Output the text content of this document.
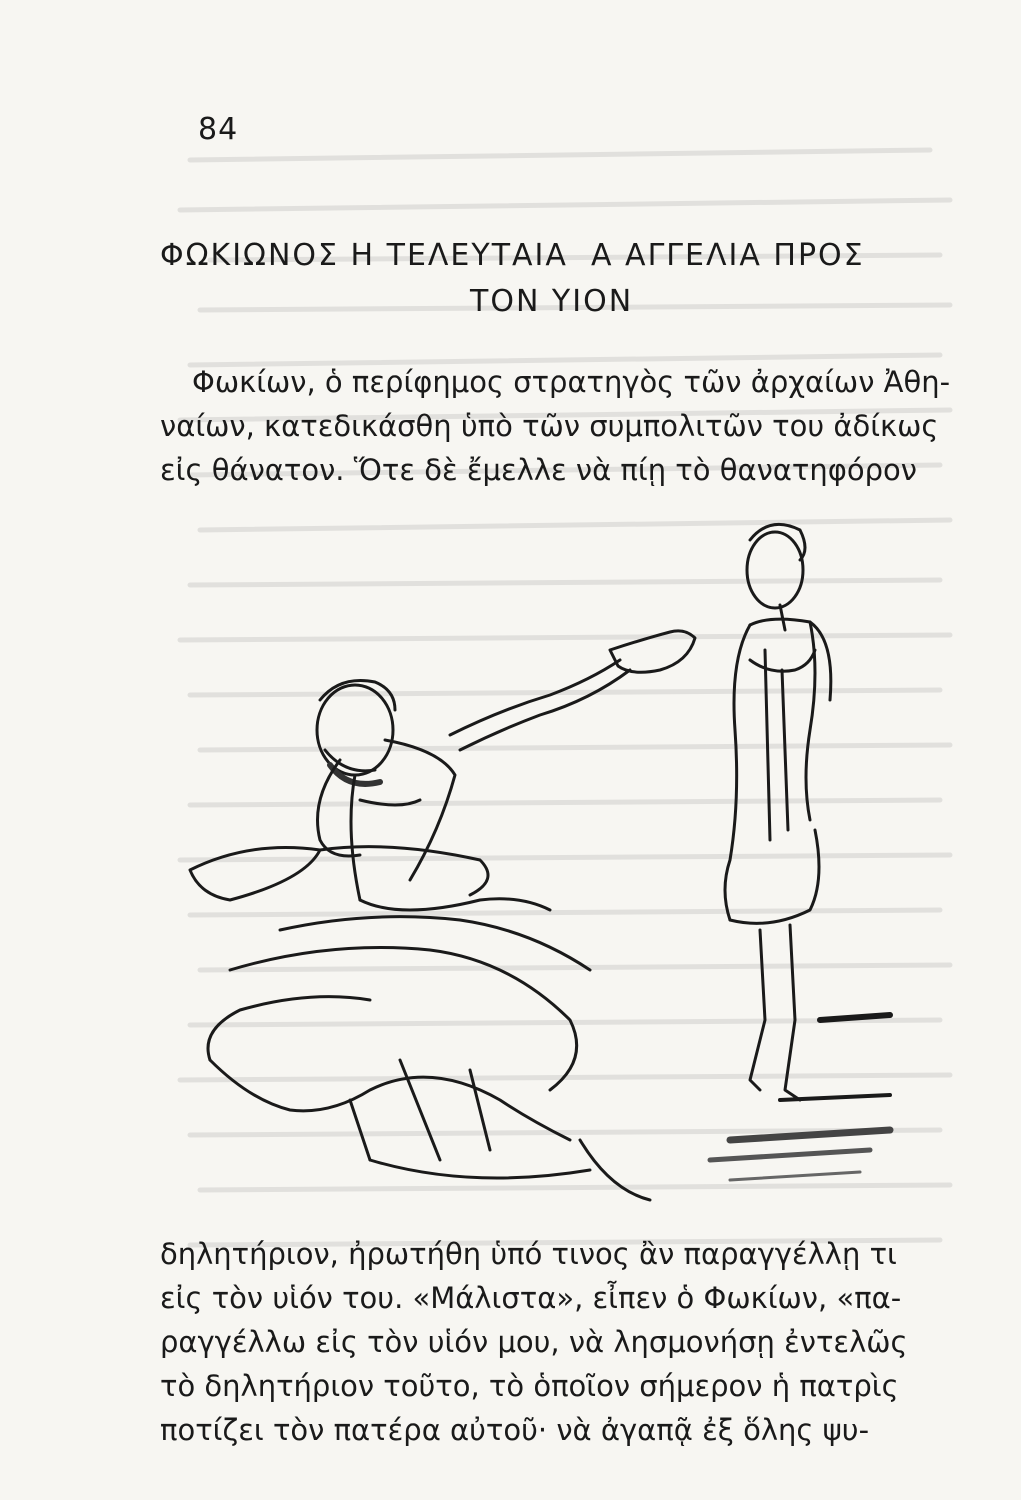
84
ΦΩΚΙΩΝΟΣ Η ΤΕΛΕΥΤΑΙΑ  Α ΑΓΓΕΛΙΑ ΠΡΟΣ
ΤΟΝ ΥΙΟΝ
Φωκίων, ὁ περίφημος στρατηγὸς τῶν ἀρχαίων Ἀθη-
ναίων, κατεδικάσθη ὑπὸ τῶν συμπολιτῶν του ἀδίκως
εἰς θάνατον. Ὅτε δὲ ἔμελλε νὰ πίῃ τὸ θανατηφόρον
δηλητήριον, ἠρωτήθη ὑπό τινος ἂν παραγγέλλῃ τι
εἰς τὸν υἱόν του. «Μάλιστα», εἶπεν ὁ Φωκίων, «πα-
ραγγέλλω εἰς τὸν υἱόν μου, νὰ λησμονήσῃ ἐντελῶς
τὸ δηλητήριον τοῦτο, τὸ ὁποῖον σήμερον ἡ πατρὶς
ποτίζει τὸν πατέρα αὐτοῦ· νὰ ἀγαπᾷ ἐξ ὅλης ψυ-
